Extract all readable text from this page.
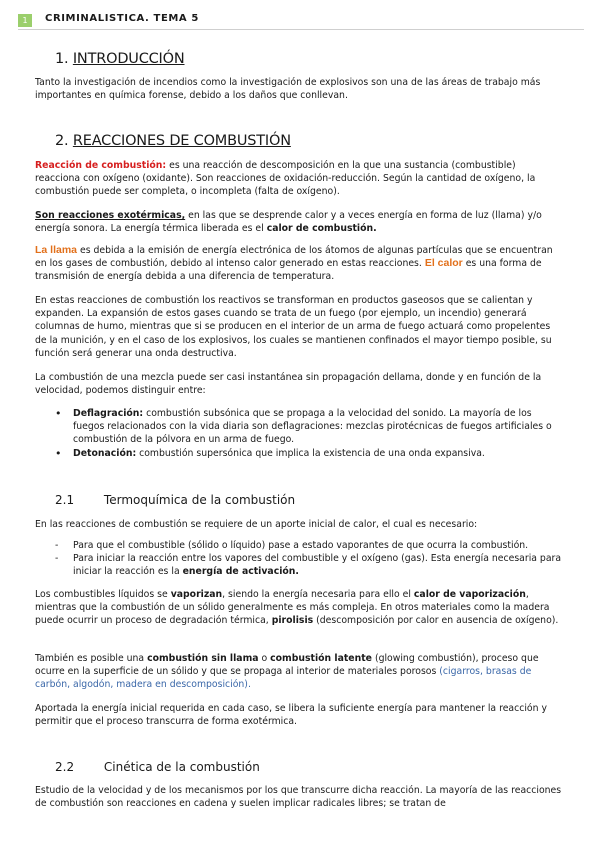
1	CRIMINALISTICA. TEMA 5
1. INTRODUCCIÓN
Tanto la investigación de incendios como la investigación de explosivos son una de las áreas de trabajo más importantes en química forense, debido a los daños que conllevan.
2. REACCIONES DE COMBUSTIÓN
Reacción de combustión: es una reacción de descomposición en la que una sustancia (combustible) reacciona con oxígeno (oxidante). Son reacciones de oxidación-reducción. Según la cantidad de oxígeno, la combustión puede ser completa, o incompleta (falta de oxígeno).
Son reacciones exotérmicas, en las que se desprende calor y a veces energía en forma de luz (llama) y/o energía sonora. La energía térmica liberada es el calor de combustión.
La llama es debida a la emisión de energía electrónica de los átomos de algunas partículas que se encuentran en los gases de combustión, debido al intenso calor generado en estas reacciones. El calor es una forma de transmisión de energía debida a una diferencia de temperatura.
En estas reacciones de combustión los reactivos se transforman en productos gaseosos que se calientan y expanden. La expansión de estos gases cuando se trata de un fuego (por ejemplo, un incendio) generará columnas de humo, mientras que si se producen en el interior de un arma de fuego actuará como propelentes de la munición, y en el caso de los explosivos, los cuales se mantienen confinados el mayor tiempo posible, su función será generar una onda destructiva.
La combustión de una mezcla puede ser casi instantánea sin propagación dellama, donde y en función de la velocidad, podemos distinguir entre:
• Deflagración: combustión subsónica que se propaga a la velocidad del sonido. La mayoría de los fuegos relacionados con la vida diaria son deflagraciones: mezclas pirotécnicas de fuegos artificiales o combustión de la pólvora en un arma de fuego.
• Detonación: combustión supersónica que implica la existencia de una onda expansiva.
2.1 Termoquímica de la combustión
En las reacciones de combustión se requiere de un aporte inicial de calor, el cual es necesario:
- Para que el combustible (sólido o líquido) pase a estado vaporantes de que ocurra la combustión.
- Para iniciar la reacción entre los vapores del combustible y el oxígeno (gas). Esta energía necesaria para iniciar la reacción es la energía de activación.
Los combustibles líquidos se vaporizan, siendo la energía necesaria para ello el calor de vaporización, mientras que la combustión de un sólido generalmente es más compleja. En otros materiales como la madera puede ocurrir un proceso de degradación térmica, pirolisis (descomposición por calor en ausencia de oxígeno).
También es posible una combustión sin llama o combustión latente (glowing combustión), proceso que ocurre en la superficie de un sólido y que se propaga al interior de materiales porosos (cigarros, brasas de carbón, algodón, madera en descomposición).
Aportada la energía inicial requerida en cada caso, se libera la suficiente energía para mantener la reacción y permitir que el proceso transcurra de forma exotérmica.
2.2 Cinética de la combustión
Estudio de la velocidad y de los mecanismos por los que transcurre dicha reacción. La mayoría de las reacciones de combustión son reacciones en cadena y suelen implicar radicales libres; se tratan de
